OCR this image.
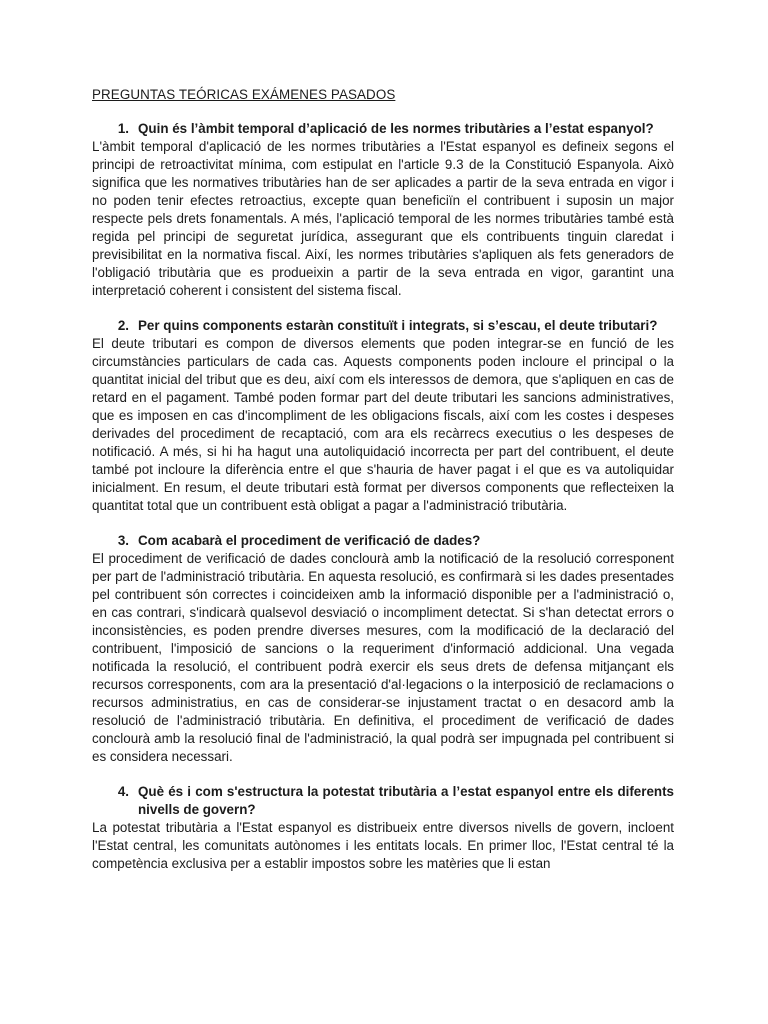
PREGUNTAS TEÓRICAS EXÁMENES PASADOS

1. Quin és l’àmbit temporal d’aplicació de les normes tributàries a l’estat espanyol?

L'àmbit temporal d'aplicació de les normes tributàries a l'Estat espanyol es defineix segons el principi de retroactivitat mínima, com estipulat en l'article 9.3 de la Constitució Espanyola. Això significa que les normatives tributàries han de ser aplicades a partir de la seva entrada en vigor i no poden tenir efectes retroactius, excepte quan beneficiïn el contribuent i suposin un major respecte pels drets fonamentals. A més, l'aplicació temporal de les normes tributàries també està regida pel principi de seguretat jurídica, assegurant que els contribuents tinguin claredat i previsibilitat en la normativa fiscal. Així, les normes tributàries s'apliquen als fets generadors de l'obligació tributària que es produeixin a partir de la seva entrada en vigor, garantint una interpretació coherent i consistent del sistema fiscal.

2. Per quins components estaràn constituït i integrats, si s’escau, el deute tributari?

El deute tributari es compon de diversos elements que poden integrar-se en funció de les circumstàncies particulars de cada cas. Aquests components poden incloure el principal o la quantitat inicial del tribut que es deu, així com els interessos de demora, que s'apliquen en cas de retard en el pagament. També poden formar part del deute tributari les sancions administratives, que es imposen en cas d'incompliment de les obligacions fiscals, així com les costes i despeses derivades del procediment de recaptació, com ara els recàrrecs executius o les despeses de notificació. A més, si hi ha hagut una autoliquidació incorrecta per part del contribuent, el deute també pot incloure la diferència entre el que s'hauria de haver pagat i el que es va autoliquidar inicialment. En resum, el deute tributari està format per diversos components que reflecteixen la quantitat total que un contribuent està obligat a pagar a l'administració tributària.

3. Com acabarà el procediment de verificació de dades?

El procediment de verificació de dades conclourà amb la notificació de la resolució corresponent per part de l'administració tributària. En aquesta resolució, es confirmarà si les dades presentades pel contribuent són correctes i coincideixen amb la informació disponible per a l'administració o, en cas contrari, s'indicarà qualsevol desviació o incompliment detectat. Si s'han detectat errors o inconsistències, es poden prendre diverses mesures, com la modificació de la declaració del contribuent, l'imposició de sancions o la requeriment d'informació addicional. Una vegada notificada la resolució, el contribuent podrà exercir els seus drets de defensa mitjançant els recursos corresponents, com ara la presentació d'al·legacions o la interposició de reclamacions o recursos administratius, en cas de considerar-se injustament tractat o en desacord amb la resolució de l'administració tributària. En definitiva, el procediment de verificació de dades conclourà amb la resolució final de l'administració, la qual podrà ser impugnada pel contribuent si es considera necessari.

4. Què és i com s'estructura la potestat tributària a l’estat espanyol entre els diferents nivells de govern?

La potestat tributària a l'Estat espanyol es distribueix entre diversos nivells de govern, incloent l'Estat central, les comunitats autònomes i les entitats locals. En primer lloc, l'Estat central té la competència exclusiva per a establir impostos sobre les matèries que li estan
